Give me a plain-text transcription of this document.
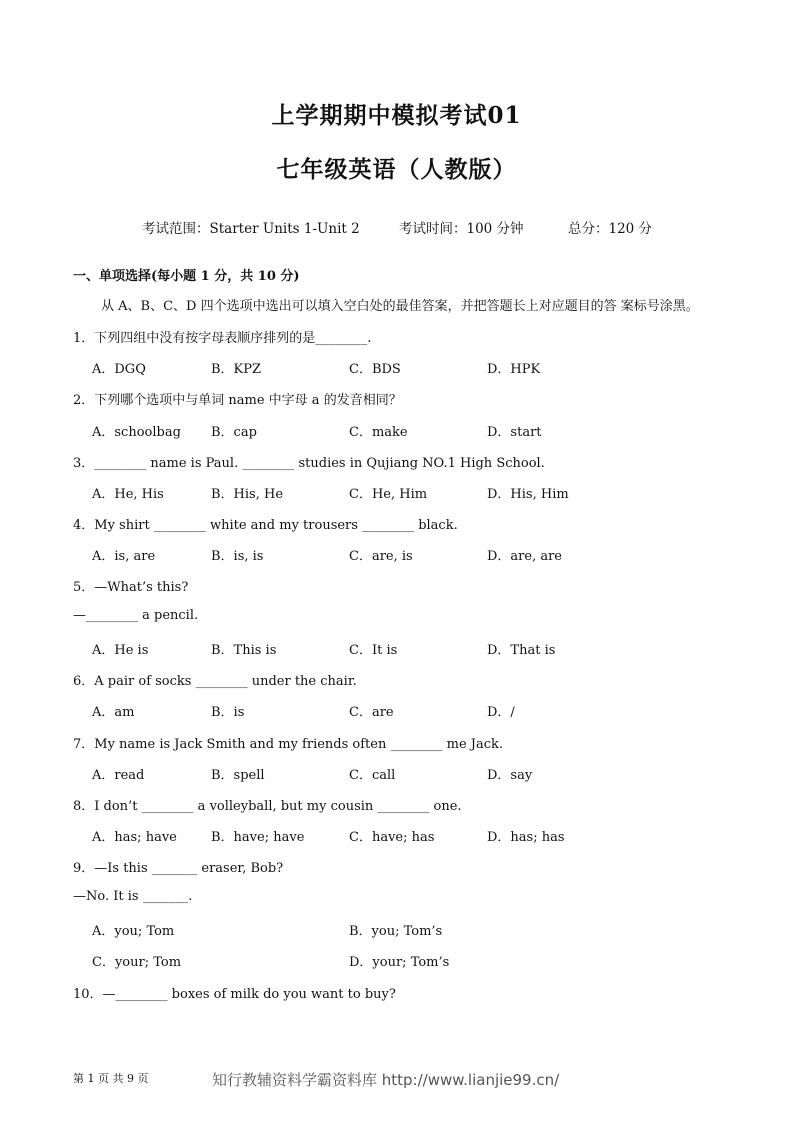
上学期期中模拟考试01
七年级英语（人教版）
考试范围：Starter Units 1-Unit 2	考试时间：100 分钟	总分：120 分
一、单项选择(每小题 1 分，共 10 分)
从 A、B、C、D 四个选项中选出可以填入空白处的最佳答案，并把答题长上对应题目的答 案标号涂黑。
1．下列四组中没有按字母表顺序排列的是________.
A．DGQ	B．KPZ	C．BDS	D．HPK
2．下列哪个选项中与单词 name 中字母 a 的发音相同？
A．schoolbag B．cap	C．make	D．start
3．________ name is Paul. ________ studies in Qujiang NO.1 High School.
A．He, His	B．His, He	C．He, Him	D．His, Him
4．My shirt ________ white and my trousers ________ black.
A．is, are	B．is, is	C．are, is	D．are, are
5．—What’s this?
—________ a pencil.
A．He is	B．This is	C．It is	D．That is
6．A pair of socks ________ under the chair.
A．am	B．is	C．are	D．/
7．My name is Jack Smith and my friends often ________ me Jack.
A．read	B．spell	C．call	D．say
8．I don’t ________ a volleyball, but my cousin ________ one.
A．has; have	B．have; have	C．have; has	D．has; has
9．—Is this _______ eraser, Bob?
—No. It is _______.
A．you; Tom	B．you; Tom’s
C．your; Tom	D．your; Tom’s
10．—________ boxes of milk do you want to buy?
第 1 页 共 9 页	知行教辅资料学霸资料库 http://www.lianjie99.cn/
